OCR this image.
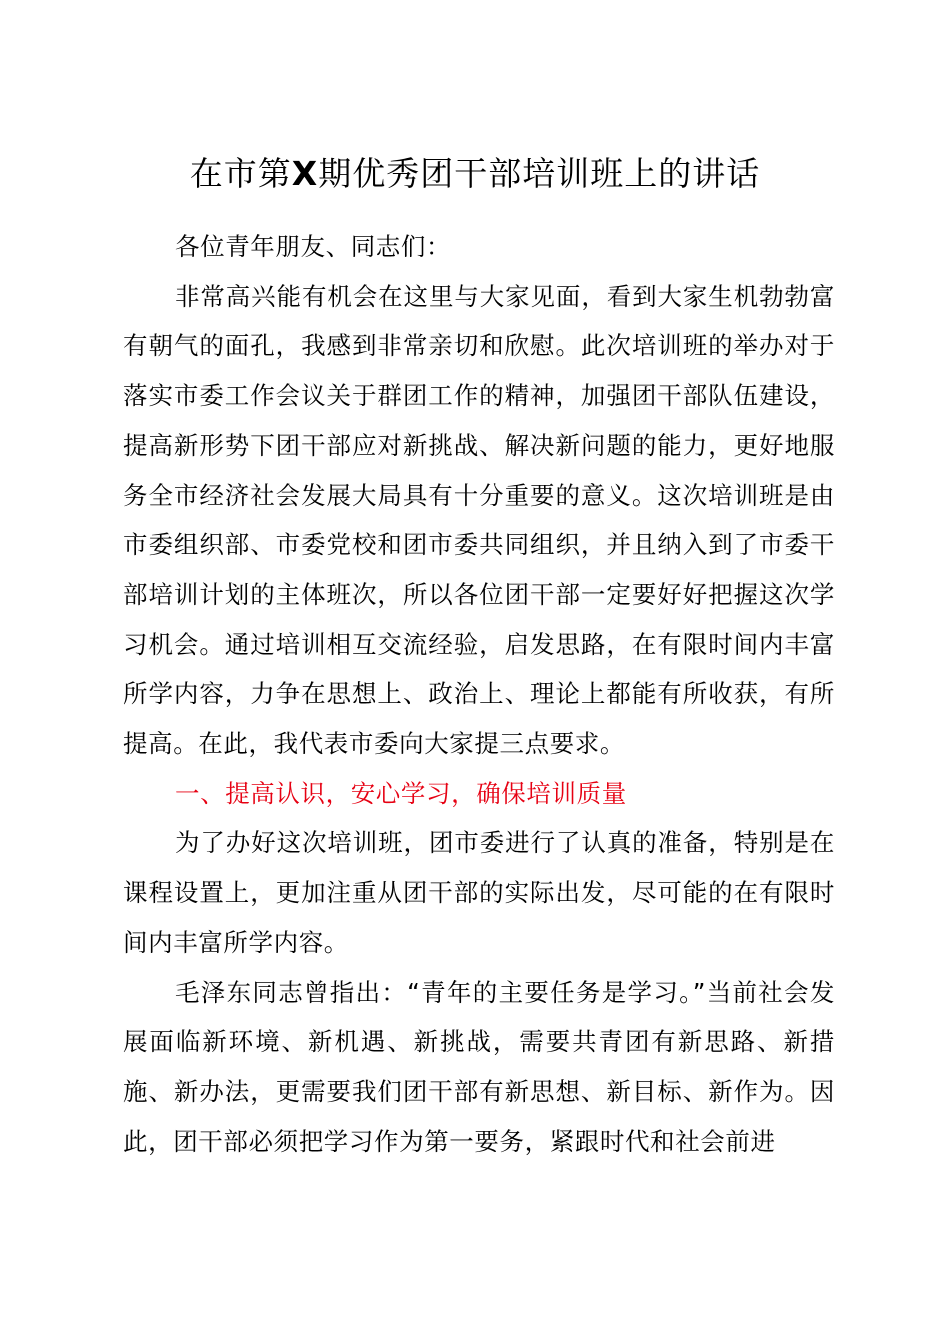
在市第X期优秀团干部培训班上的讲话

各位青年朋友、同志们：

非常高兴能有机会在这里与大家见面，看到大家生机勃勃富有朝气的面孔，我感到非常亲切和欣慰。此次培训班的举办对于落实市委工作会议关于群团工作的精神，加强团干部队伍建设，提高新形势下团干部应对新挑战、解决新问题的能力，更好地服务全市经济社会发展大局具有十分重要的意义。这次培训班是由市委组织部、市委党校和团市委共同组织，并且纳入到了市委干部培训计划的主体班次，所以各位团干部一定要好好把握这次学习机会。通过培训相互交流经验，启发思路，在有限时间内丰富所学内容，力争在思想上、政治上、理论上都能有所收获，有所提高。在此，我代表市委向大家提三点要求。

一、提高认识，安心学习，确保培训质量

为了办好这次培训班，团市委进行了认真的准备，特别是在课程设置上，更加注重从团干部的实际出发，尽可能的在有限时间内丰富所学内容。

毛泽东同志曾指出：“青年的主要任务是学习。”当前社会发展面临新环境、新机遇、新挑战，需要共青团有新思路、新措施、新办法，更需要我们团干部有新思想、新目标、新作为。因此，团干部必须把学习作为第一要务，紧跟时代和社会前进
